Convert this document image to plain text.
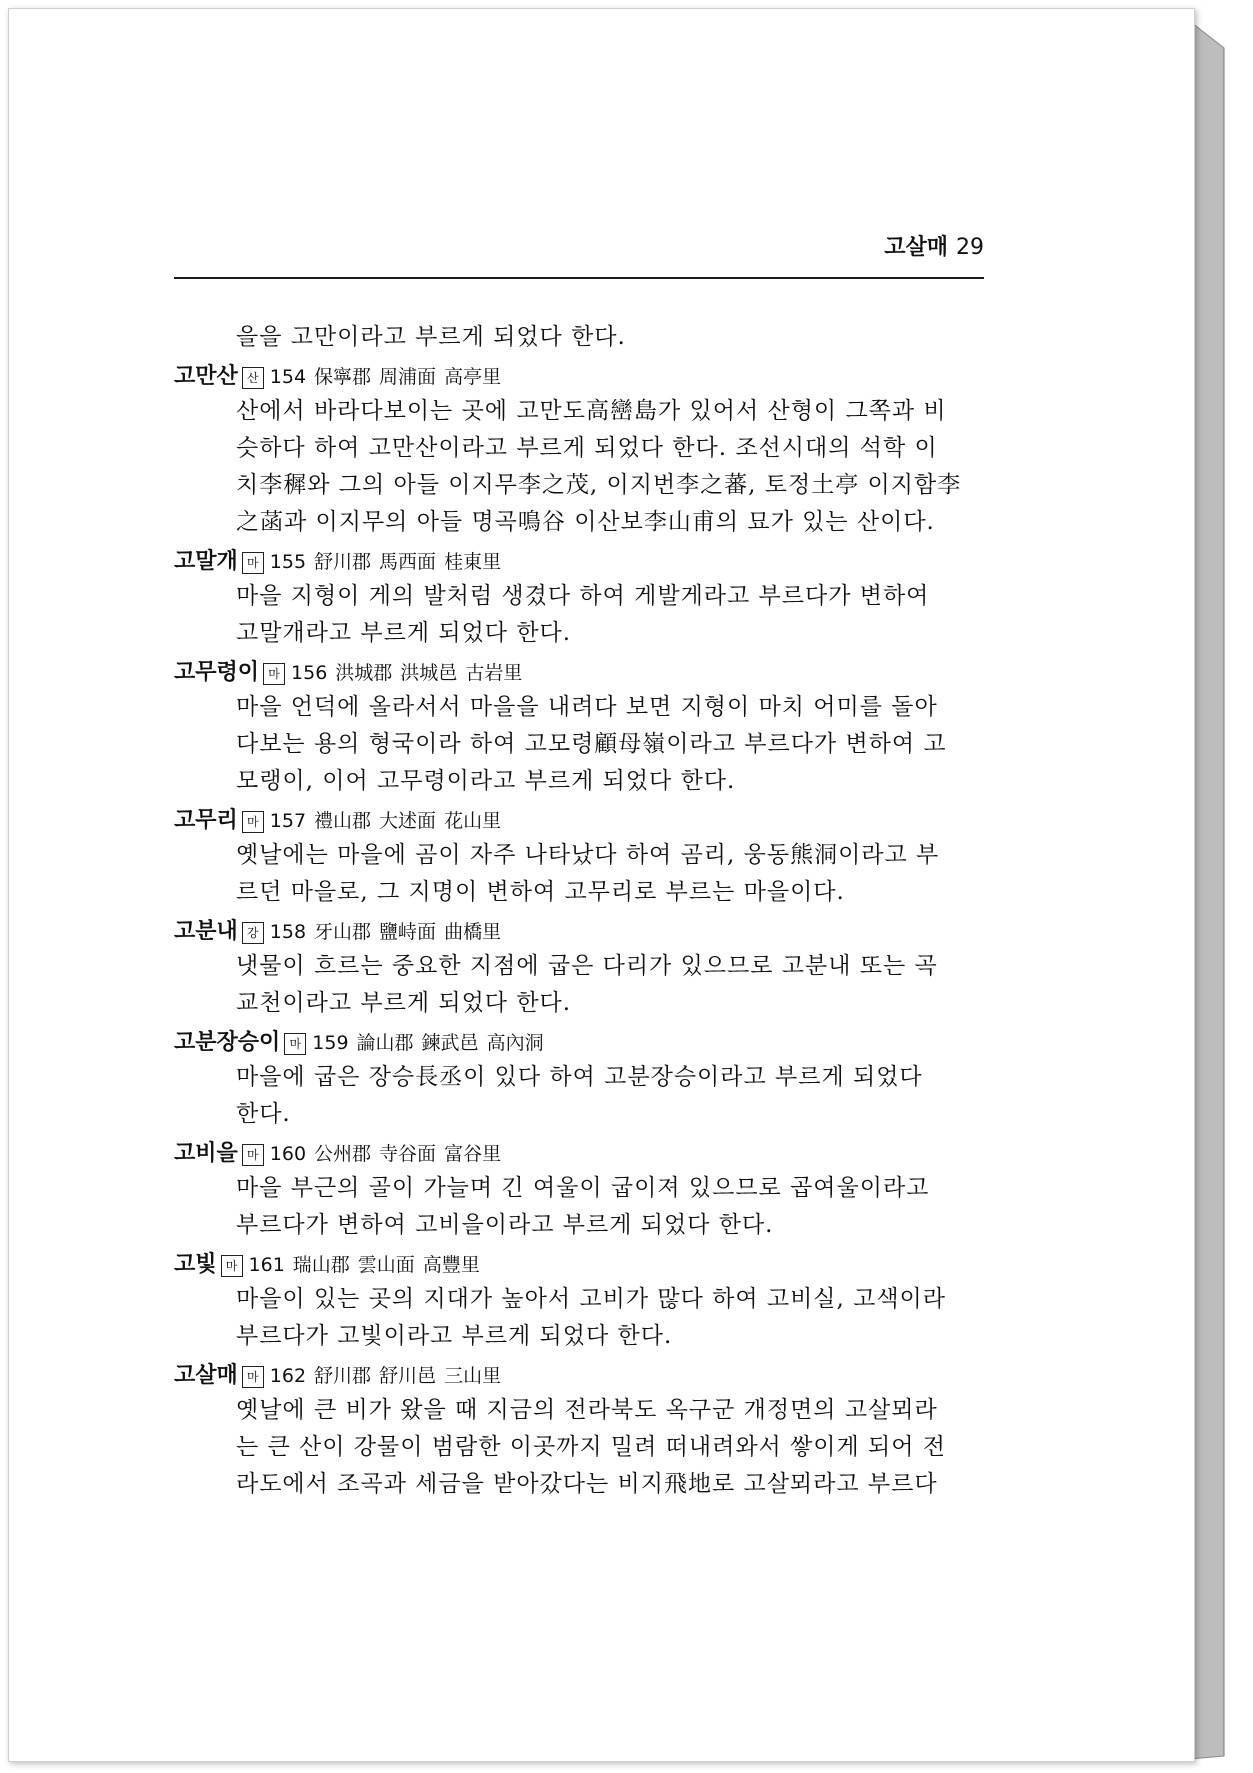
고살매 29
을을 고만이라고 부르게 되었다 한다.
고만산 산 154 保寧郡 周浦面 高亭里
산에서 바라다보이는 곳에 고만도高巒島가 있어서 산형이 그쪽과 비
슷하다 하여 고만산이라고 부르게 되었다 한다. 조선시대의 석학 이
치李穉와 그의 아들 이지무李之茂, 이지번李之蕃, 토정土亭 이지함李
之菡과 이지무의 아들 명곡鳴谷 이산보李山甫의 묘가 있는 산이다.
고말개 마 155 舒川郡 馬西面 桂東里
마을 지형이 게의 발처럼 생겼다 하여 게발게라고 부르다가 변하여
고말개라고 부르게 되었다 한다.
고무령이 마 156 洪城郡 洪城邑 古岩里
마을 언덕에 올라서서 마을을 내려다 보면 지형이 마치 어미를 돌아
다보는 용의 형국이라 하여 고모령顧母嶺이라고 부르다가 변하여 고
모랭이, 이어 고무령이라고 부르게 되었다 한다.
고무리 마 157 禮山郡 大述面 花山里
옛날에는 마을에 곰이 자주 나타났다 하여 곰리, 웅동熊洞이라고 부
르던 마을로, 그 지명이 변하여 고무리로 부르는 마을이다.
고분내 강 158 牙山郡 鹽峙面 曲橋里
냇물이 흐르는 중요한 지점에 굽은 다리가 있으므로 고분내 또는 곡
교천이라고 부르게 되었다 한다.
고분장승이 마 159 論山郡 鍊武邑 高內洞
마을에 굽은 장승長丞이 있다 하여 고분장승이라고 부르게 되었다
한다.
고비을 마 160 公州郡 寺谷面 富谷里
마을 부근의 골이 가늘며 긴 여울이 굽이져 있으므로 곱여울이라고
부르다가 변하여 고비을이라고 부르게 되었다 한다.
고빛 마 161 瑞山郡 雲山面 高豐里
마을이 있는 곳의 지대가 높아서 고비가 많다 하여 고비실, 고색이라
부르다가 고빛이라고 부르게 되었다 한다.
고살매 마 162 舒川郡 舒川邑 三山里
옛날에 큰 비가 왔을 때 지금의 전라북도 옥구군 개정면의 고살뫼라
는 큰 산이 강물이 범람한 이곳까지 밀려 떠내려와서 쌓이게 되어 전
라도에서 조곡과 세금을 받아갔다는 비지飛地로 고살뫼라고 부르다
